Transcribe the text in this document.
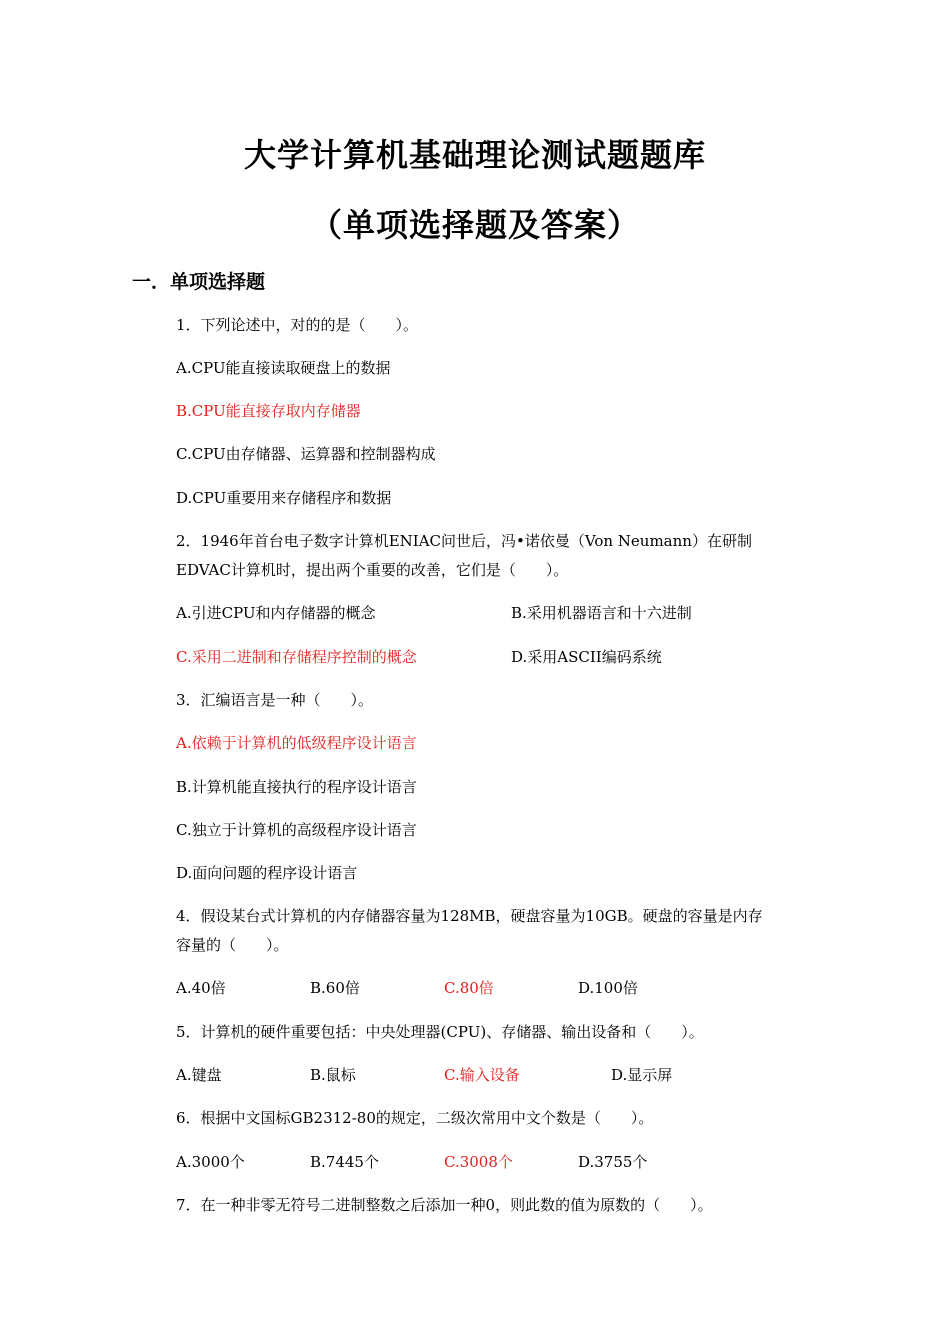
大学计算机基础理论测试题题库
（单项选择题及答案）
一．单项选择题
1．下列论述中，对的的是（　　）。
A.CPU能直接读取硬盘上的数据
B.CPU能直接存取内存储器
C.CPU由存储器、运算器和控制器构成
D.CPU重要用来存储程序和数据
2．1946年首台电子数字计算机ENIAC问世后，冯•诺依曼（Von Neumann）在研制
EDVAC计算机时，提出两个重要的改善，它们是（　　）。
A.引进CPU和内存储器的概念	B.采用机器语言和十六进制
C.采用二进制和存储程序控制的概念	D.采用ASCII编码系统
3．汇编语言是一种（　　）。
A.依赖于计算机的低级程序设计语言
B.计算机能直接执行的程序设计语言
C.独立于计算机的高级程序设计语言
D.面向问题的程序设计语言
4．假设某台式计算机的内存储器容量为128MB，硬盘容量为10GB。硬盘的容量是内存
容量的（　　）。
A.40倍	B.60倍	C.80倍	D.100倍
5．计算机的硬件重要包括：中央处理器(CPU)、存储器、输出设备和（　　）。
A.键盘	B.鼠标	C.输入设备	D.显示屏
6．根据中文国标GB2312-80的规定，二级次常用中文个数是（　　）。
A.3000个	B.7445个	C.3008个	D.3755个
7．在一种非零无符号二进制整数之后添加一种0，则此数的值为原数的（　　）。
